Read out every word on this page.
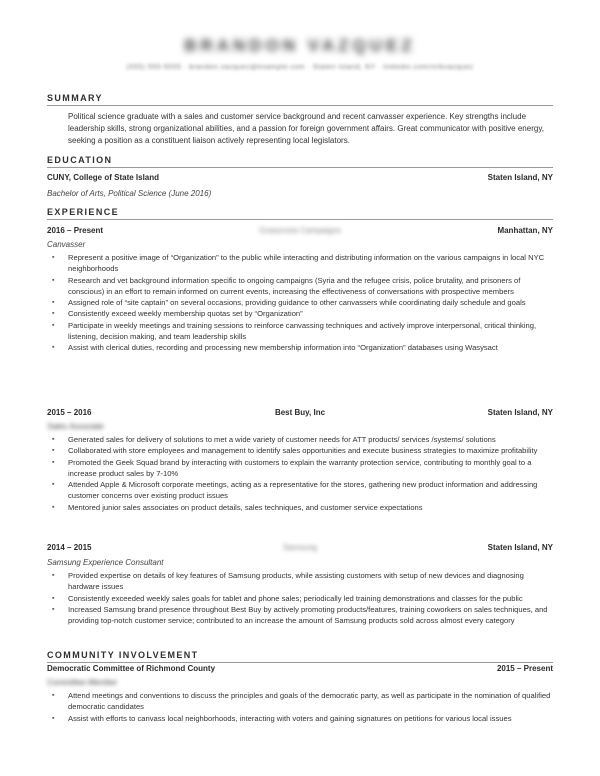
BRANDON VAZQUEZ
(555) 555-5555 · brandon.vazquez@example.com · Staten Island, NY · linkedin.com/in/bvazquez
SUMMARY
Political science graduate with a sales and customer service background and recent canvasser experience. Key strengths include leadership skills, strong organizational abilities, and a passion for foreign government affairs. Great communicator with positive energy, seeking a position as a constituent liaison actively representing local legislators.
EDUCATION
CUNY, College of State Island	Staten Island, NY
Bachelor of Arts, Political Science (June 2016)
EXPERIENCE
2016 – Present	Grassroots Campaigns	Manhattan, NY
Canvasser
▪ Represent a positive image of “Organization” to the public while interacting and distributing information on the various campaigns in local NYC neighborhoods
▪ Research and vet background information specific to ongoing campaigns (Syria and the refugee crisis, police brutality, and prisoners of conscious) in an effort to remain informed on current events, increasing the effectiveness of conversations with prospective members
▪ Assigned role of “site captain” on several occasions, providing guidance to other canvassers while coordinating daily schedule and goals
▪ Consistently exceed weekly membership quotas set by “Organization”
▪ Participate in weekly meetings and training sessions to reinforce canvassing techniques and actively improve interpersonal, critical thinking, listening, decision making, and team leadership skills
▪ Assist with clerical duties, recording and processing new membership information into “Organization” databases using Wasysact
2015 – 2016	Best Buy, Inc	Staten Island, NY
Sales Associate
▪ Generated sales for delivery of solutions to met a wide variety of customer needs for ATT products/ services /systems/ solutions
▪ Collaborated with store employees and management to identify sales opportunities and execute business strategies to maximize profitability
▪ Promoted the Geek Squad brand by interacting with customers to explain the warranty protection service, contributing to monthly goal to a increase product sales by 7-10%
▪ Attended Apple & Microsoft corporate meetings, acting as a representative for the stores, gathering new product information and addressing customer concerns over existing product issues
▪ Mentored junior sales associates on product details, sales techniques, and customer service expectations
2014 – 2015	Samsung	Staten Island, NY
Samsung Experience Consultant
▪ Provided expertise on details of key features of Samsung products, while assisting customers with setup of new devices and diagnosing hardware issues
▪ Consistently exceeded weekly sales goals for tablet and phone sales; periodically led training demonstrations and classes for the public
▪ Increased Samsung brand presence throughout Best Buy by actively promoting products/features, training coworkers on sales techniques, and providing top-notch customer service; contributed to an increase the amount of Samsung products sold across almost every category
COMMUNITY INVOLVEMENT
Democratic Committee of Richmond County	2015 – Present
Committee Member
▪ Attend meetings and conventions to discuss the principles and goals of the democratic party, as well as participate in the nomination of qualified democratic candidates
▪ Assist with efforts to canvass local neighborhoods, interacting with voters and gaining signatures on petitions for various local issues
